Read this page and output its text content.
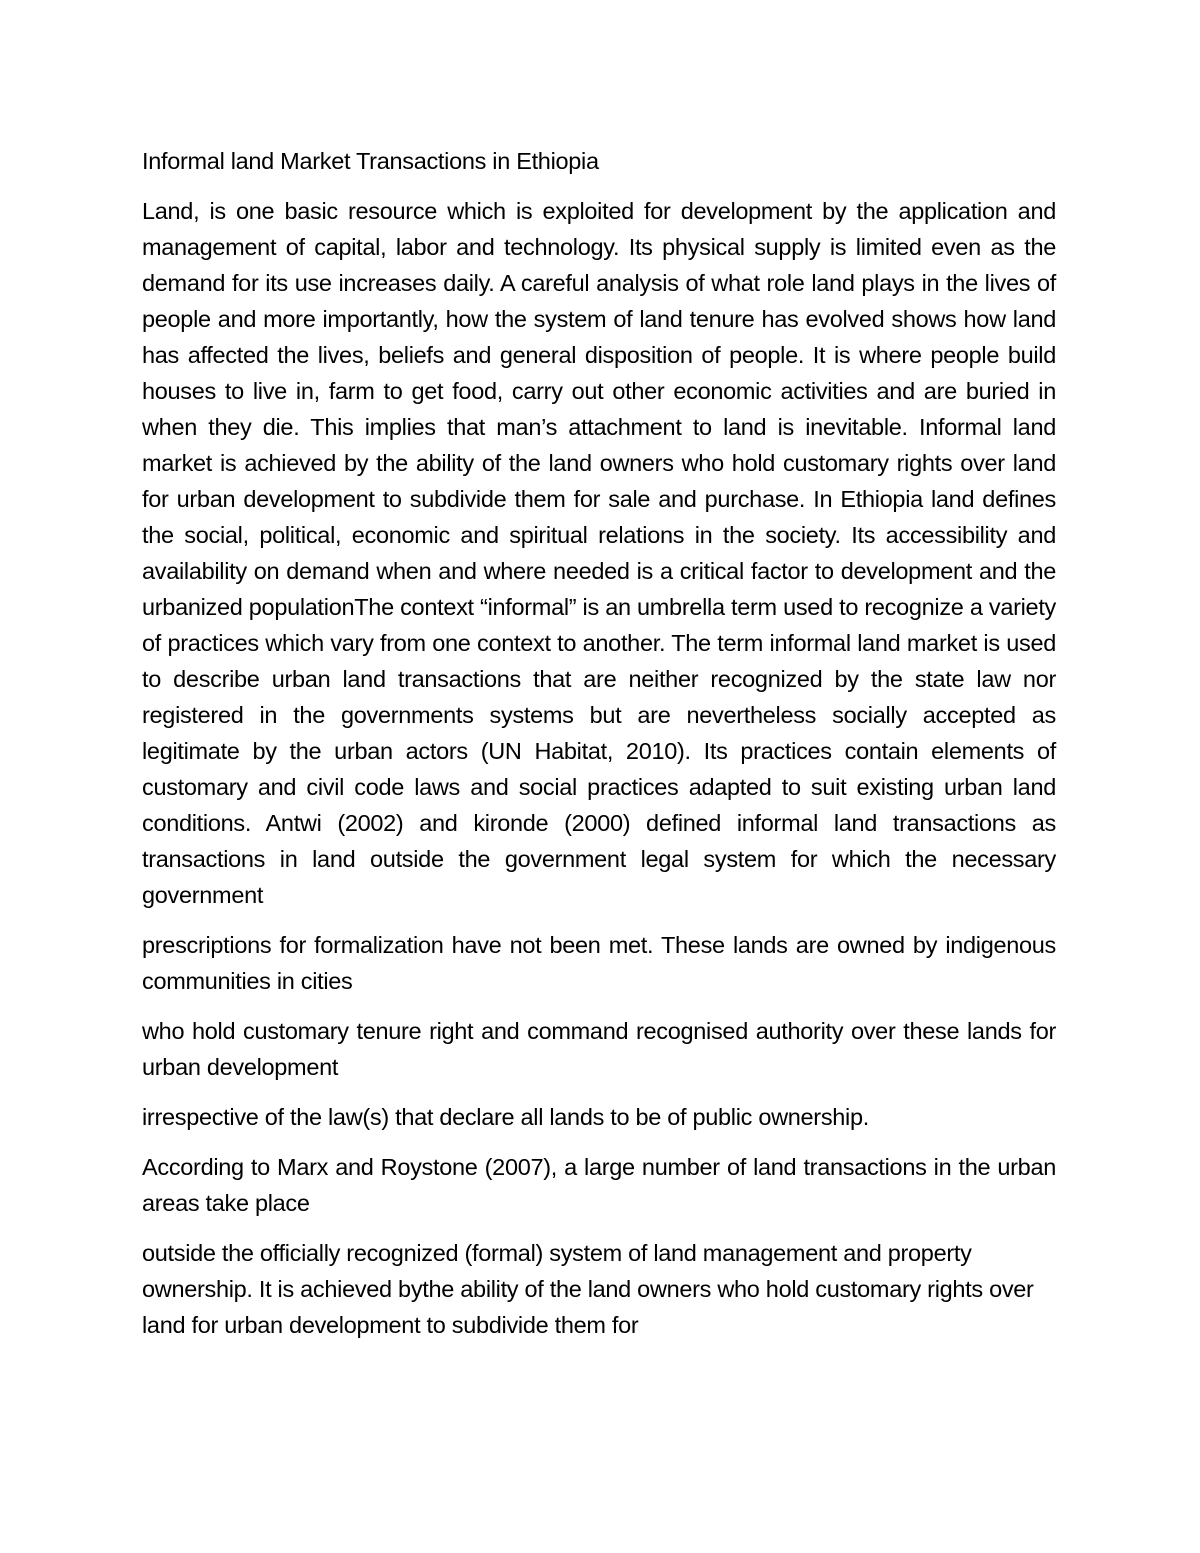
Informal land Market Transactions in Ethiopia

Land, is one basic resource which is exploited for development by the application and management of capital, labor and technology. Its physical supply is limited even as the demand for its use increases daily. A careful analysis of what role land plays in the lives of people and more importantly, how the system of land tenure has evolved shows how land has affected the lives, beliefs and general disposition of people. It is where people build houses to live in, farm to get food, carry out other economic activities and are buried in when they die. This implies that man’s attachment to land is inevitable. Informal land market is achieved by the ability of the land owners who hold customary rights over land for urban development to subdivide them for sale and purchase. In Ethiopia land defines the social, political, economic and spiritual relations in the society. Its accessibility and availability on demand when and where needed is a critical factor to development and the urbanized populationThe context “informal” is an umbrella term used to recognize a variety of practices which vary from one context to another. The term informal land market is used to describe urban land transactions that are neither recognized by the state law nor registered in the governments systems but are nevertheless socially accepted as legitimate by the urban actors (UN Habitat, 2010). Its practices contain elements of customary and civil code laws and social practices adapted to suit existing urban land conditions. Antwi (2002) and kironde (2000) defined informal land transactions as transactions in land outside the government legal system for which the necessary government

prescriptions for formalization have not been met. These lands are owned by indigenous communities in cities

who hold customary tenure right and command recognised authority over these lands for urban development

irrespective of the law(s) that declare all lands to be of public ownership.

According to Marx and Roystone (2007), a large number of land transactions in the urban areas take place

outside the officially recognized (formal) system of land management and property ownership. It is achieved bythe ability of the land owners who hold customary rights over land for urban development to subdivide them for
